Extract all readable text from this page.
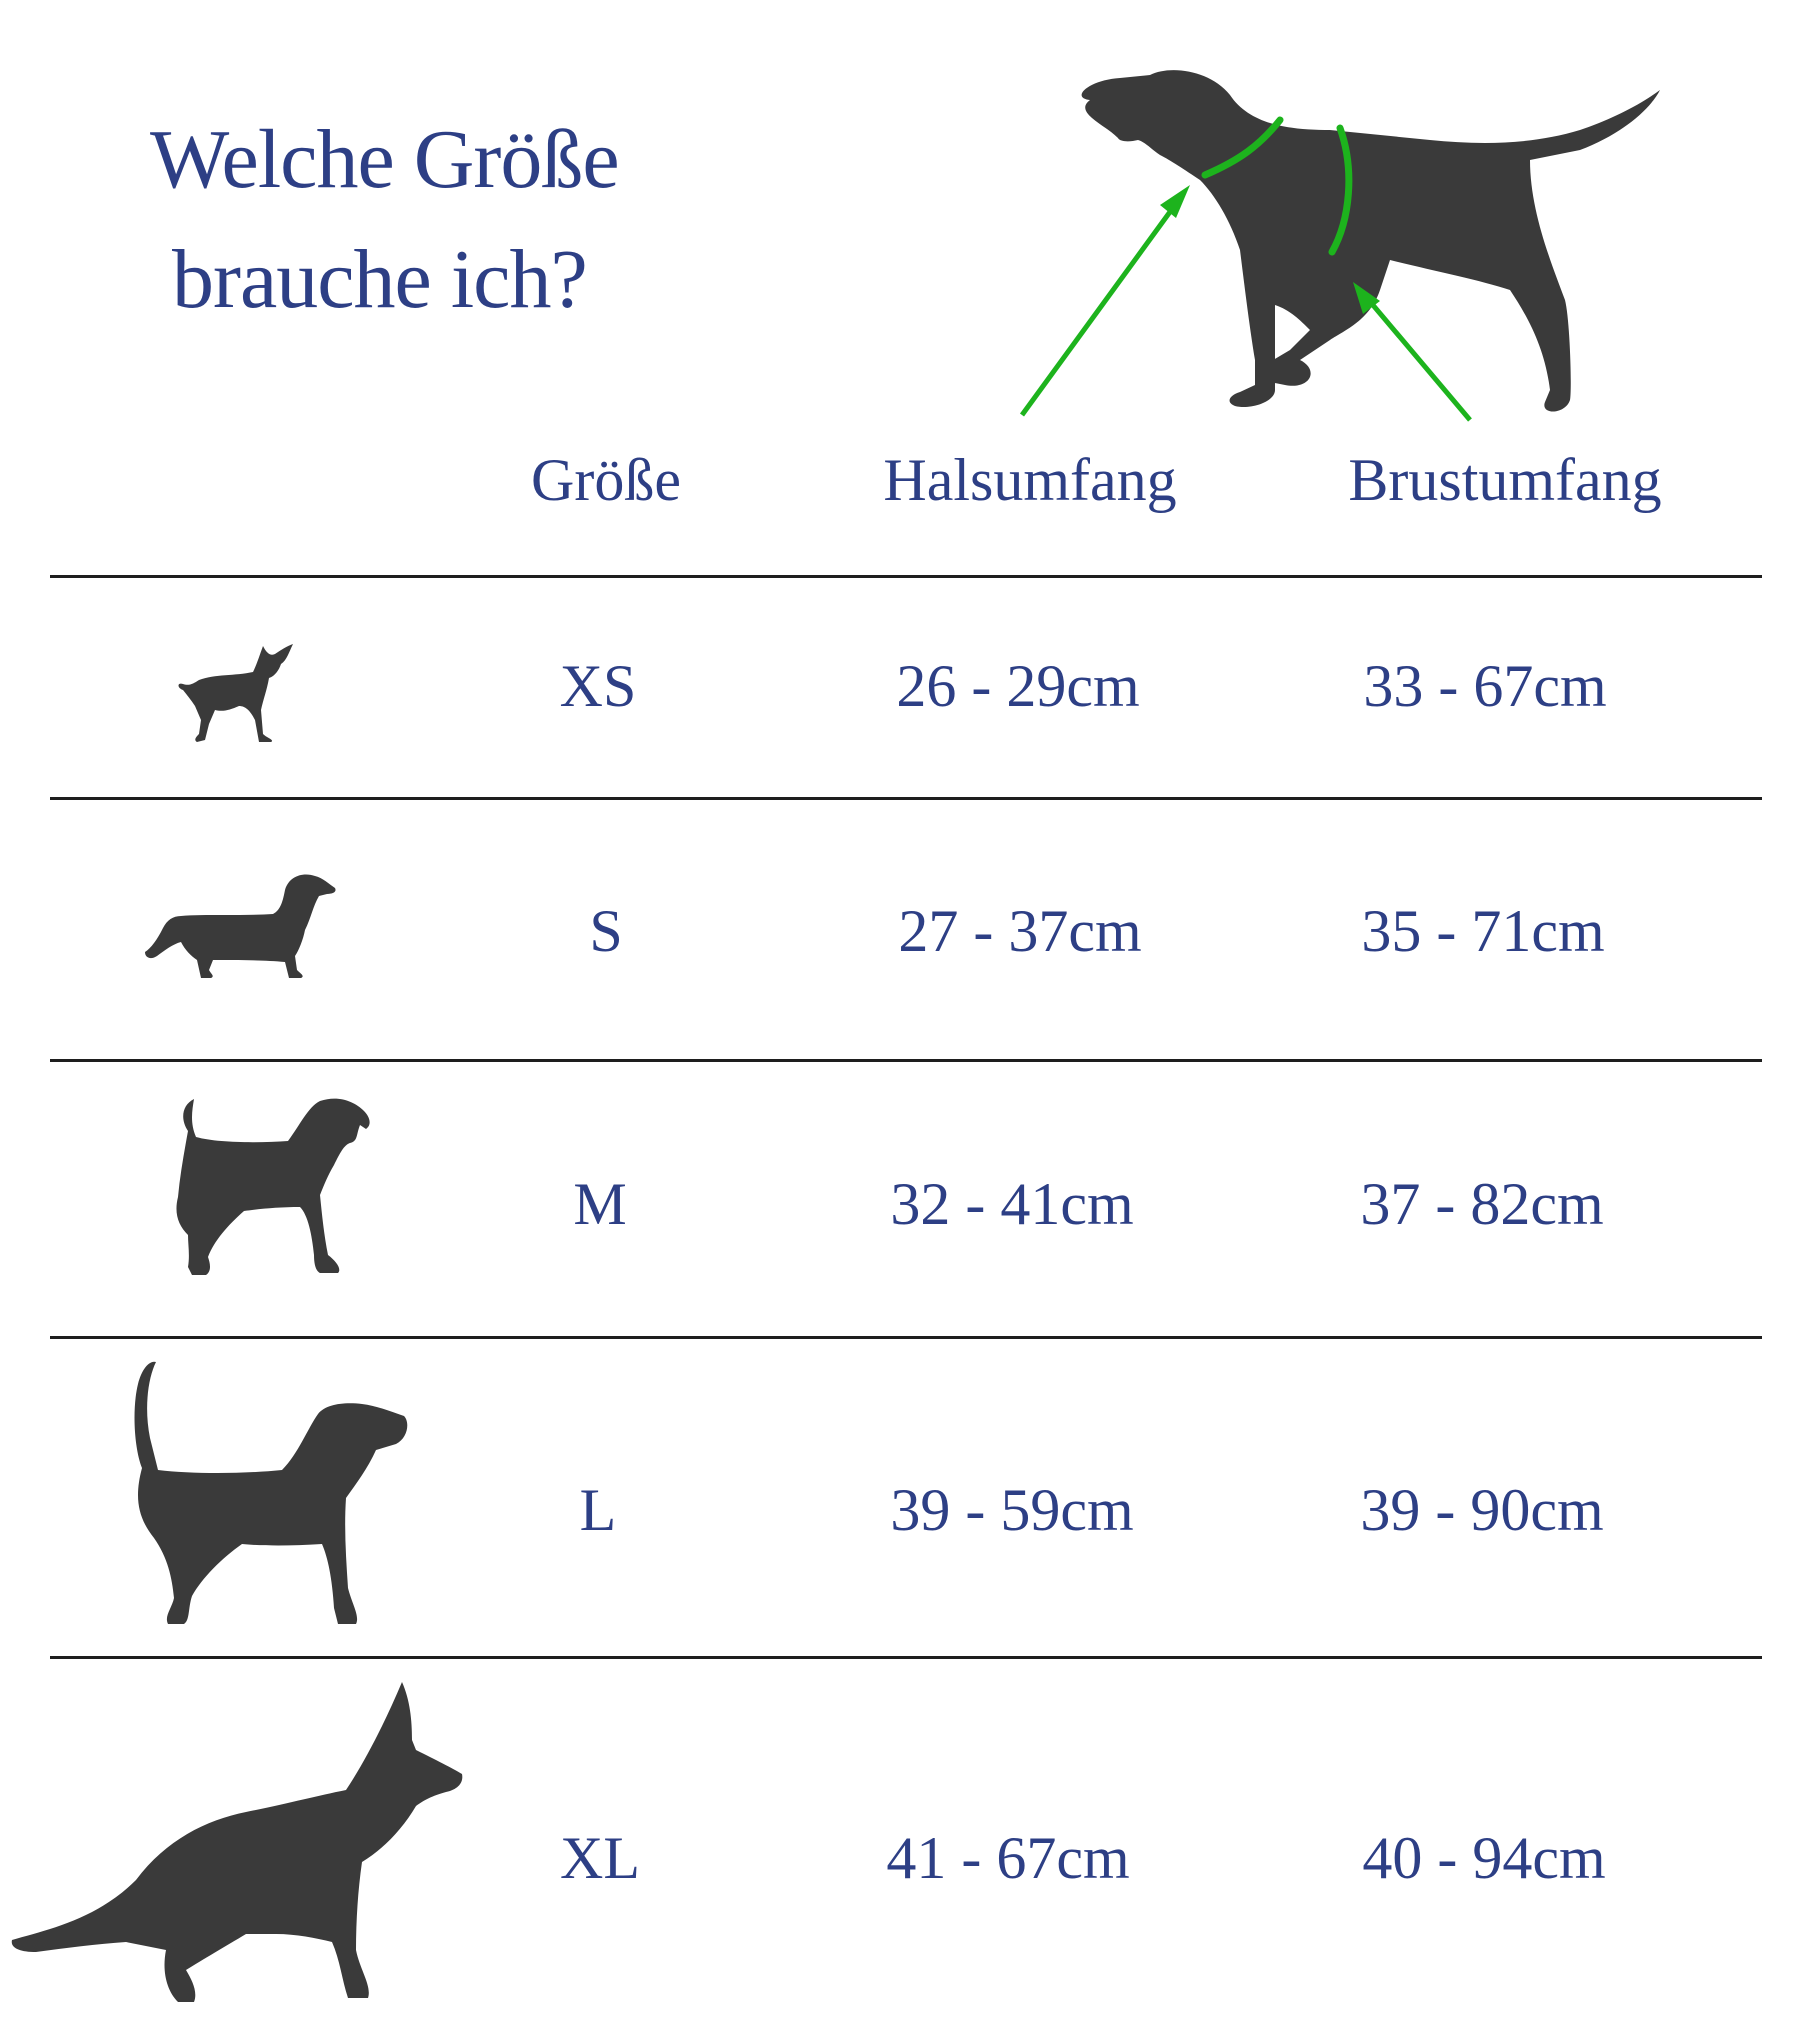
Welche Größe
brauche ich?
Größe	Halsumfang	Brustumfang
XS	26 - 29cm	33 - 67cm
S	27 - 37cm	35 - 71cm
M	32 - 41cm	37 - 82cm
L	39 - 59cm	39 - 90cm
XL	41 - 67cm	40 - 94cm
